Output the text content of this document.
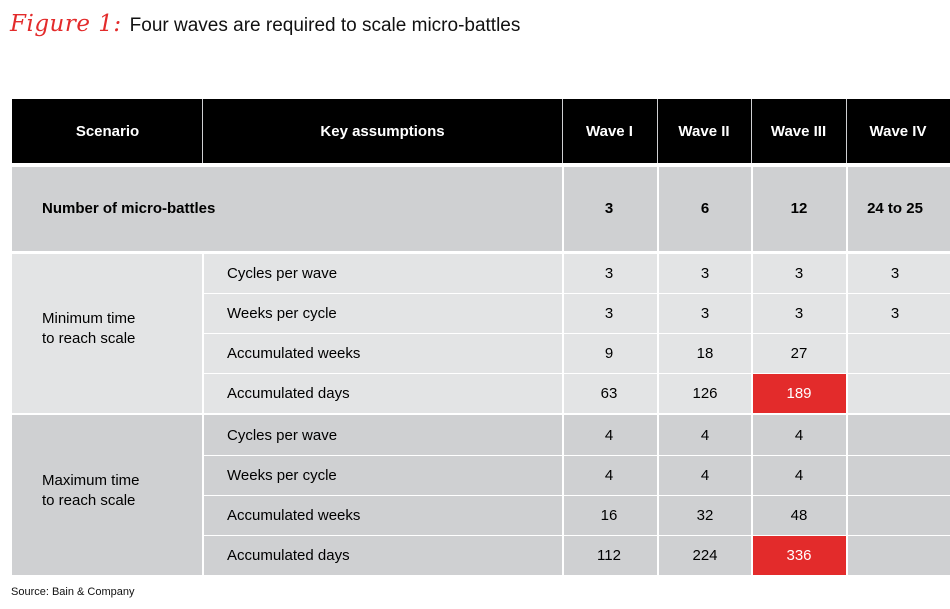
Figure 1: Four waves are required to scale micro-battles
Scenario	Key assumptions	Wave I	Wave II	Wave III	Wave IV
Number of micro-battles	3	6	12	24 to 25
Minimum time
to reach scale
Cycles per wave	3	3	3	3
Weeks per cycle	3	3	3	3
Accumulated weeks	9	18	27
Accumulated days	63	126	189
Maximum time
to reach scale
Cycles per wave	4	4	4
Weeks per cycle	4	4	4
Accumulated weeks	16	32	48
Accumulated days	112	224	336
Source: Bain & Company
